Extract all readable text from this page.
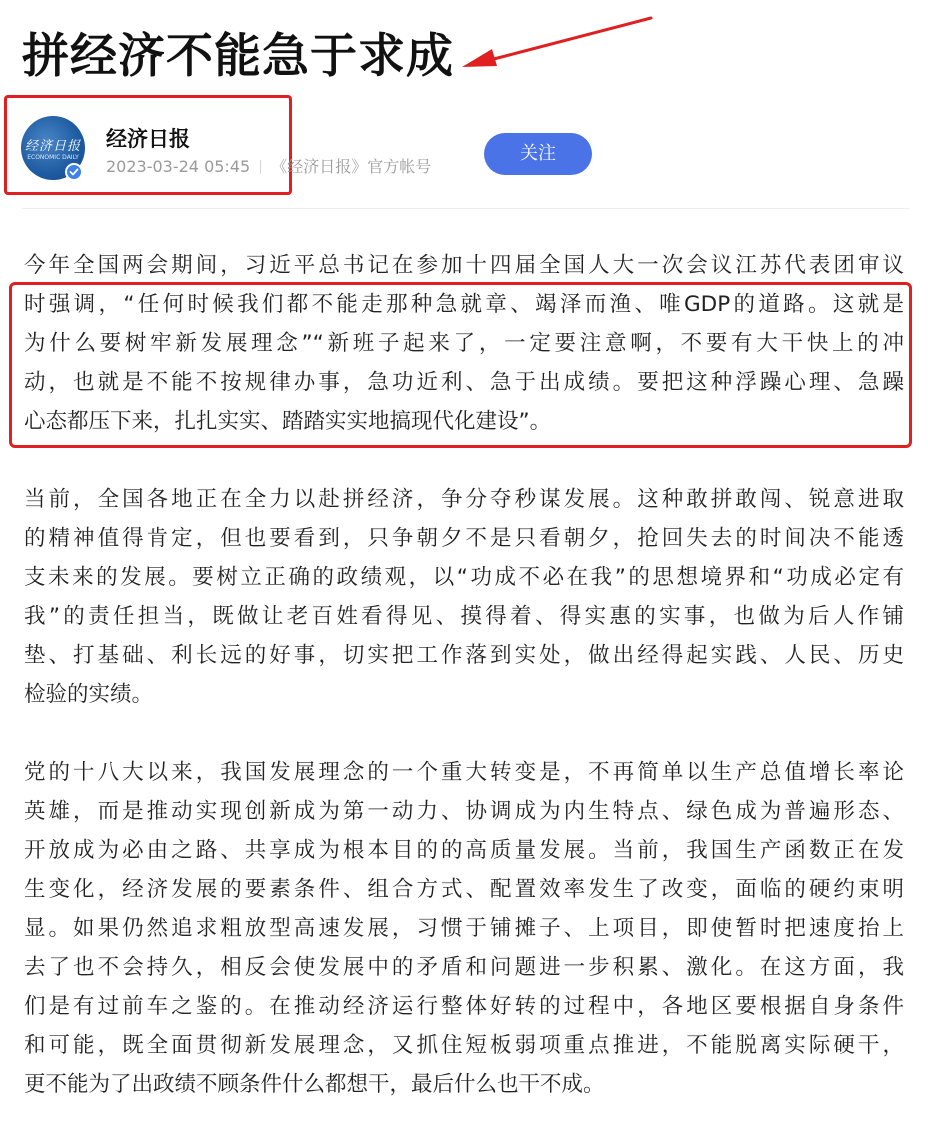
拼经济不能急于求成
经济日报
ECONOMIC DAILY
经济日报
2023-03-24 05:45 《经济日报》官方帐号
关注
今年全国两会期间，习近平总书记在参加十四届全国人大一次会议江苏代表团审议
时强调，“任何时候我们都不能走那种急就章、竭泽而渔、唯GDP的道路。这就是
为什么要树牢新发展理念”“新班子起来了，一定要注意啊，不要有大干快上的冲
动，也就是不能不按规律办事，急功近利、急于出成绩。要把这种浮躁心理、急躁
心态都压下来，扎扎实实、踏踏实实地搞现代化建设”。
当前，全国各地正在全力以赴拼经济，争分夺秒谋发展。这种敢拼敢闯、锐意进取
的精神值得肯定，但也要看到，只争朝夕不是只看朝夕，抢回失去的时间决不能透
支未来的发展。要树立正确的政绩观，以“功成不必在我”的思想境界和“功成必定有
我”的责任担当，既做让老百姓看得见、摸得着、得实惠的实事，也做为后人作铺
垫、打基础、利长远的好事，切实把工作落到实处，做出经得起实践、人民、历史
检验的实绩。
党的十八大以来，我国发展理念的一个重大转变是，不再简单以生产总值增长率论
英雄，而是推动实现创新成为第一动力、协调成为内生特点、绿色成为普遍形态、
开放成为必由之路、共享成为根本目的的高质量发展。当前，我国生产函数正在发
生变化，经济发展的要素条件、组合方式、配置效率发生了改变，面临的硬约束明
显。如果仍然追求粗放型高速发展，习惯于铺摊子、上项目，即使暂时把速度抬上
去了也不会持久，相反会使发展中的矛盾和问题进一步积累、激化。在这方面，我
们是有过前车之鉴的。在推动经济运行整体好转的过程中，各地区要根据自身条件
和可能，既全面贯彻新发展理念，又抓住短板弱项重点推进，不能脱离实际硬干，
更不能为了出政绩不顾条件什么都想干，最后什么也干不成。
